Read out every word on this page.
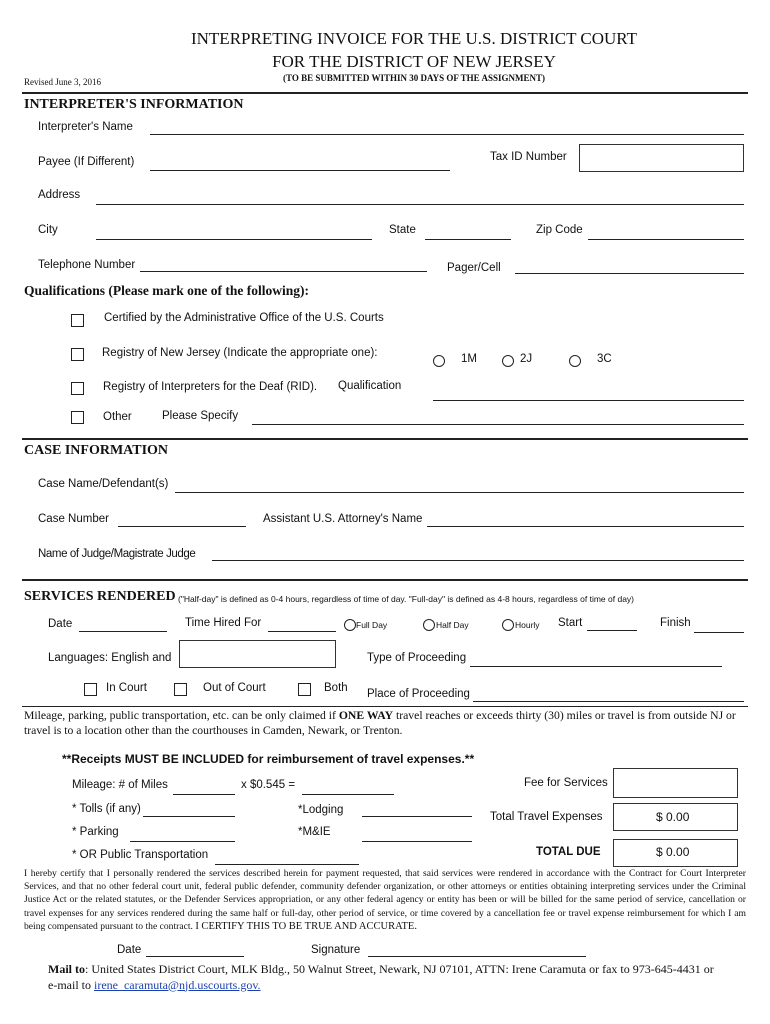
INTERPRETING INVOICE FOR THE U.S. DISTRICT COURT
FOR THE DISTRICT OF NEW JERSEY
(TO BE SUBMITTED WITHIN 30 DAYS OF THE ASSIGNMENT)
Revised June 3, 2016
INTERPRETER'S INFORMATION
Interpreter's Name
Payee (If Different)	Tax ID Number
Address
City	State	Zip Code
Telephone Number	Pager/Cell
Qualifications (Please mark one of the following):
Certified by the Administrative Office of the U.S. Courts
Registry of New Jersey (Indicate the appropriate one):	1M	2J	3C
Registry of Interpreters for the Deaf (RID). Qualification
Other	Please Specify
CASE INFORMATION
Case Name/Defendant(s)
Case Number	Assistant U.S. Attorney's Name
Name of Judge/Magistrate Judge
SERVICES RENDERED ("Half-day" is defined as 0-4 hours, regardless of time of day. "Full-day" is defined as 4-8 hours, regardless of time of day)
Date	Time Hired For	Full Day	Half Day	Hourly Start	Finish
Languages: English and	Type of Proceeding
In Court	Out of Court	Both Place of Proceeding
Mileage, parking, public transportation, etc. can be only claimed if ONE WAY travel reaches or exceeds thirty (30) miles or travel is from outside NJ or travel is to a location other than the courthouses in Camden, Newark, or Trenton.
**Receipts MUST BE INCLUDED for reimbursement of travel expenses.**
Mileage: # of Miles	x $0.545 =	Fee for Services
* Tolls (if any)	*Lodging
Total Travel Expenses	$ 0.00
* Parking	*M&IE
* OR Public Transportation	TOTAL DUE	$ 0.00
I hereby certify that I personally rendered the services described herein for payment requested, that said services were rendered in accordance with the Contract for Court Interpreter Services, and that no other federal court unit, federal public defender, community defender organization, or other attorneys or entities obtaining interpreting services under the Criminal Justice Act or the related statutes, or the Defender Services appropriation, or any other federal agency or entity has been or will be billed for the same period of service, cancellation or travel expenses for any services rendered during the same half or full-day, other period of service, or time covered by a cancellation fee or travel expense reimbursement for which I am being compensated pursuant to the contract. I CERTIFY THIS TO BE TRUE AND ACCURATE.
Date	Signature
Mail to: United States District Court, MLK Bldg., 50 Walnut Street, Newark, NJ 07101, ATTN: Irene Caramuta or fax to 973-645-4431 or e-mail to irene_caramuta@njd.uscourts.gov.
